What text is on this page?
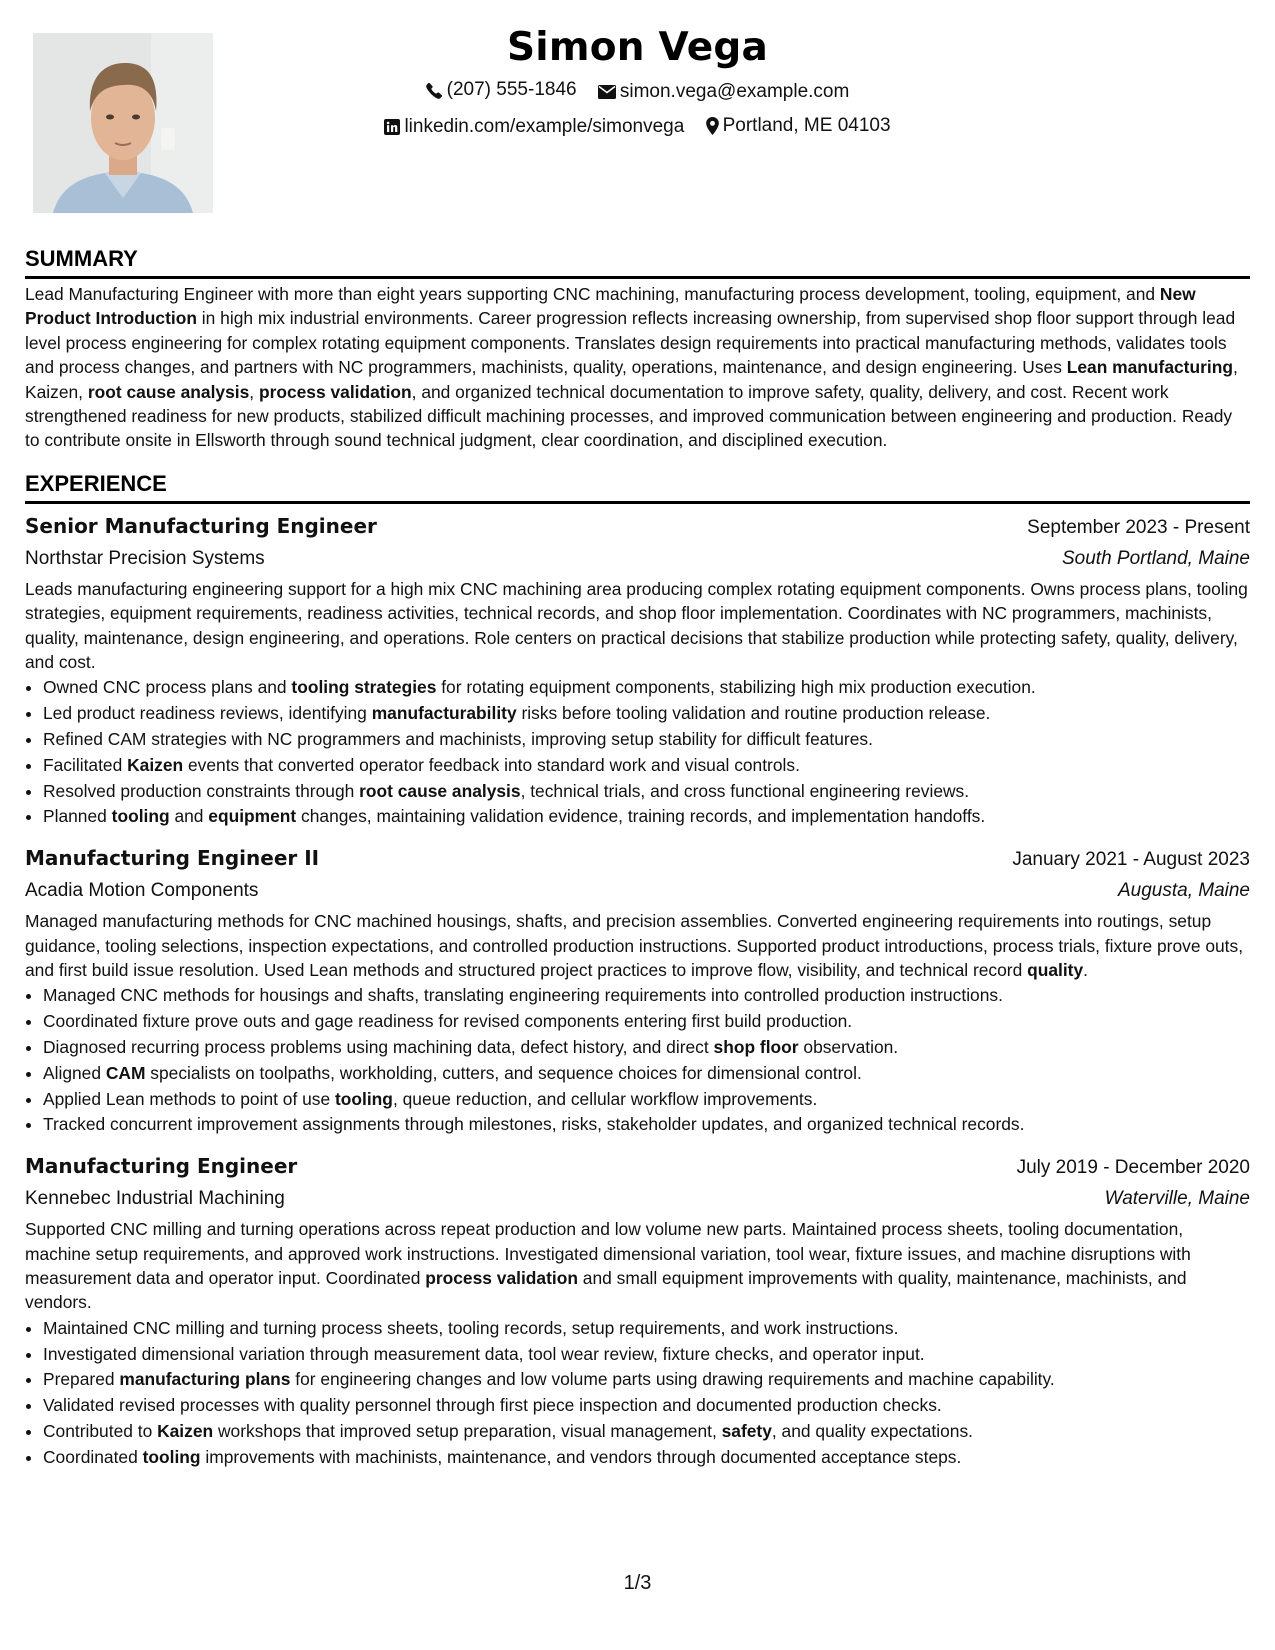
Simon Vega
(207) 555-1846
simon.vega@example.com
linkedin.com/example/simonvega
Portland, ME 04103
SUMMARY

Lead Manufacturing Engineer with more than eight years supporting CNC machining, manufacturing process development, tooling, equipment, and New Product Introduction in high mix industrial environments. Career progression reflects increasing ownership, from supervised shop floor support through lead level process engineering for complex rotating equipment components. Translates design requirements into practical manufacturing methods, validates tools and process changes, and partners with NC programmers, machinists, quality, operations, maintenance, and design engineering. Uses Lean manufacturing, Kaizen, root cause analysis, process validation, and organized technical documentation to improve safety, quality, delivery, and cost. Recent work strengthened readiness for new products, stabilized difficult machining processes, and improved communication between engineering and production. Ready to contribute onsite in Ellsworth through sound technical judgment, clear coordination, and disciplined execution.

EXPERIENCE
Senior Manufacturing Engineer	September 2023 - Present
Northstar Precision Systems	South Portland, Maine

Leads manufacturing engineering support for a high mix CNC machining area producing complex rotating equipment components. Owns process plans, tooling strategies, equipment requirements, readiness activities, technical records, and shop floor implementation. Coordinates with NC programmers, machinists, quality, maintenance, design engineering, and operations. Role centers on practical decisions that stabilize production while protecting safety, quality, delivery, and cost.

• Owned CNC process plans and tooling strategies for rotating equipment components, stabilizing high mix production execution.
• Led product readiness reviews, identifying manufacturability risks before tooling validation and routine production release.
• Refined CAM strategies with NC programmers and machinists, improving setup stability for difficult features.
• Facilitated Kaizen events that converted operator feedback into standard work and visual controls.
• Resolved production constraints through root cause analysis, technical trials, and cross functional engineering reviews.
• Planned tooling and equipment changes, maintaining validation evidence, training records, and implementation handoffs.
Manufacturing Engineer II	January 2021 - August 2023
Acadia Motion Components	Augusta, Maine

Managed manufacturing methods for CNC machined housings, shafts, and precision assemblies. Converted engineering requirements into routings, setup guidance, tooling selections, inspection expectations, and controlled production instructions. Supported product introductions, process trials, fixture prove outs, and first build issue resolution. Used Lean methods and structured project practices to improve flow, visibility, and technical record quality.

• Managed CNC methods for housings and shafts, translating engineering requirements into controlled production instructions.
• Coordinated fixture prove outs and gage readiness for revised components entering first build production.
• Diagnosed recurring process problems using machining data, defect history, and direct shop floor observation.
• Aligned CAM specialists on toolpaths, workholding, cutters, and sequence choices for dimensional control.
• Applied Lean methods to point of use tooling, queue reduction, and cellular workflow improvements.
• Tracked concurrent improvement assignments through milestones, risks, stakeholder updates, and organized technical records.
Manufacturing Engineer	July 2019 - December 2020
Kennebec Industrial Machining	Waterville, Maine

Supported CNC milling and turning operations across repeat production and low volume new parts. Maintained process sheets, tooling documentation, machine setup requirements, and approved work instructions. Investigated dimensional variation, tool wear, fixture issues, and machine disruptions with measurement data and operator input. Coordinated process validation and small equipment improvements with quality, maintenance, machinists, and vendors.

• Maintained CNC milling and turning process sheets, tooling records, setup requirements, and work instructions.
• Investigated dimensional variation through measurement data, tool wear review, fixture checks, and operator input.
• Prepared manufacturing plans for engineering changes and low volume parts using drawing requirements and machine capability.
• Validated revised processes with quality personnel through first piece inspection and documented production checks.
• Contributed to Kaizen workshops that improved setup preparation, visual management, safety, and quality expectations.
• Coordinated tooling improvements with machinists, maintenance, and vendors through documented acceptance steps.
1/3
